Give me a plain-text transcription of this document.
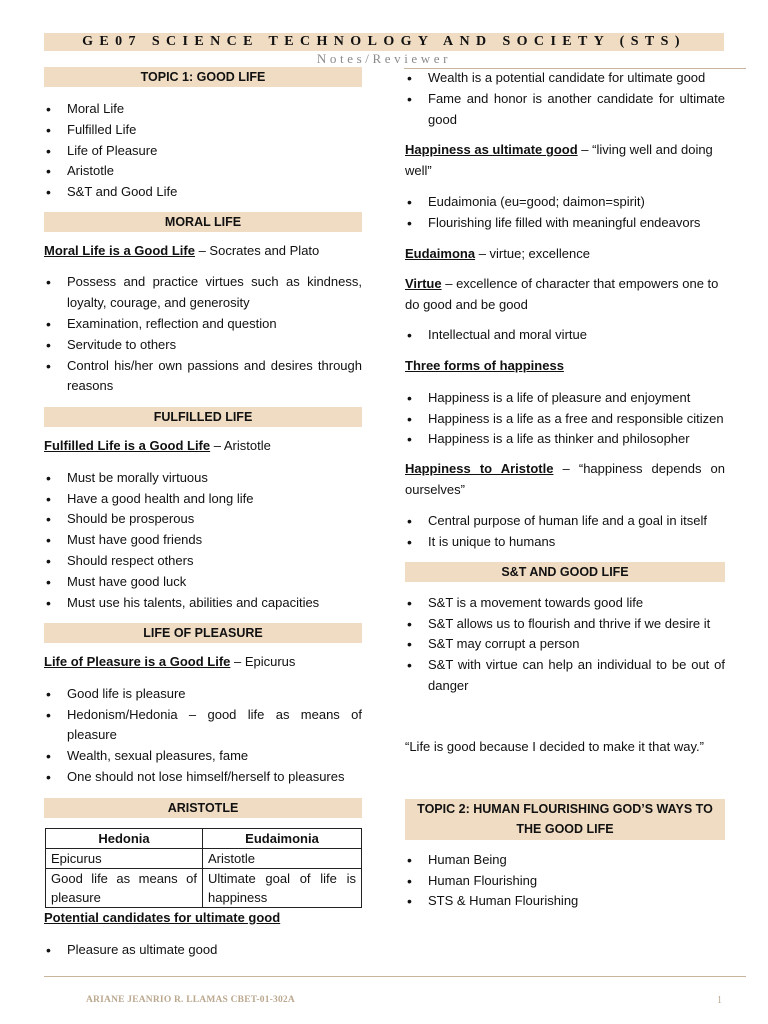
GE07 SCIENCE TECHNOLOGY AND SOCIETY (STS)
Notes/Reviewer
TOPIC 1: GOOD LIFE
• Moral Life
• Fulfilled Life
• Life of Pleasure
• Aristotle
• S&T and Good Life
MORAL LIFE
Moral Life is a Good Life – Socrates and Plato
• Possess and practice virtues such as kindness, loyalty, courage, and generosity
• Examination, reflection and question
• Servitude to others
• Control his/her own passions and desires through reasons
FULFILLED LIFE
Fulfilled Life is a Good Life – Aristotle
• Must be morally virtuous
• Have a good health and long life
• Should be prosperous
• Must have good friends
• Should respect others
• Must have good luck
• Must use his talents, abilities and capacities
LIFE OF PLEASURE
Life of Pleasure is a Good Life – Epicurus
• Good life is pleasure
• Hedonism/Hedonia – good life as means of pleasure
• Wealth, sexual pleasures, fame
• One should not lose himself/herself to pleasures
ARISTOTLE
Hedonia	Eudaimonia
Epicurus	Aristotle
Good life as means of pleasure	Ultimate goal of life is happiness
Potential candidates for ultimate good
• Pleasure as ultimate good
• Wealth is a potential candidate for ultimate good
• Fame and honor is another candidate for ultimate good
Happiness as ultimate good – “living well and doing well”
• Eudaimonia (eu=good; daimon=spirit)
• Flourishing life filled with meaningful endeavors
Eudaimona – virtue; excellence
Virtue – excellence of character that empowers one to do good and be good
• Intellectual and moral virtue
Three forms of happiness
• Happiness is a life of pleasure and enjoyment
• Happiness is a life as a free and responsible citizen
• Happiness is a life as thinker and philosopher
Happiness to Aristotle – “happiness depends on ourselves”
• Central purpose of human life and a goal in itself
• It is unique to humans
S&T AND GOOD LIFE
• S&T is a movement towards good life
• S&T allows us to flourish and thrive if we desire it
• S&T may corrupt a person
• S&T with virtue can help an individual to be out of danger
“Life is good because I decided to make it that way.”
TOPIC 2: HUMAN FLOURISHING GOD’S WAYS TO THE GOOD LIFE
• Human Being
• Human Flourishing
• STS & Human Flourishing
ARIANE JEANRIO R. LLAMAS CBET-01-302A	1
